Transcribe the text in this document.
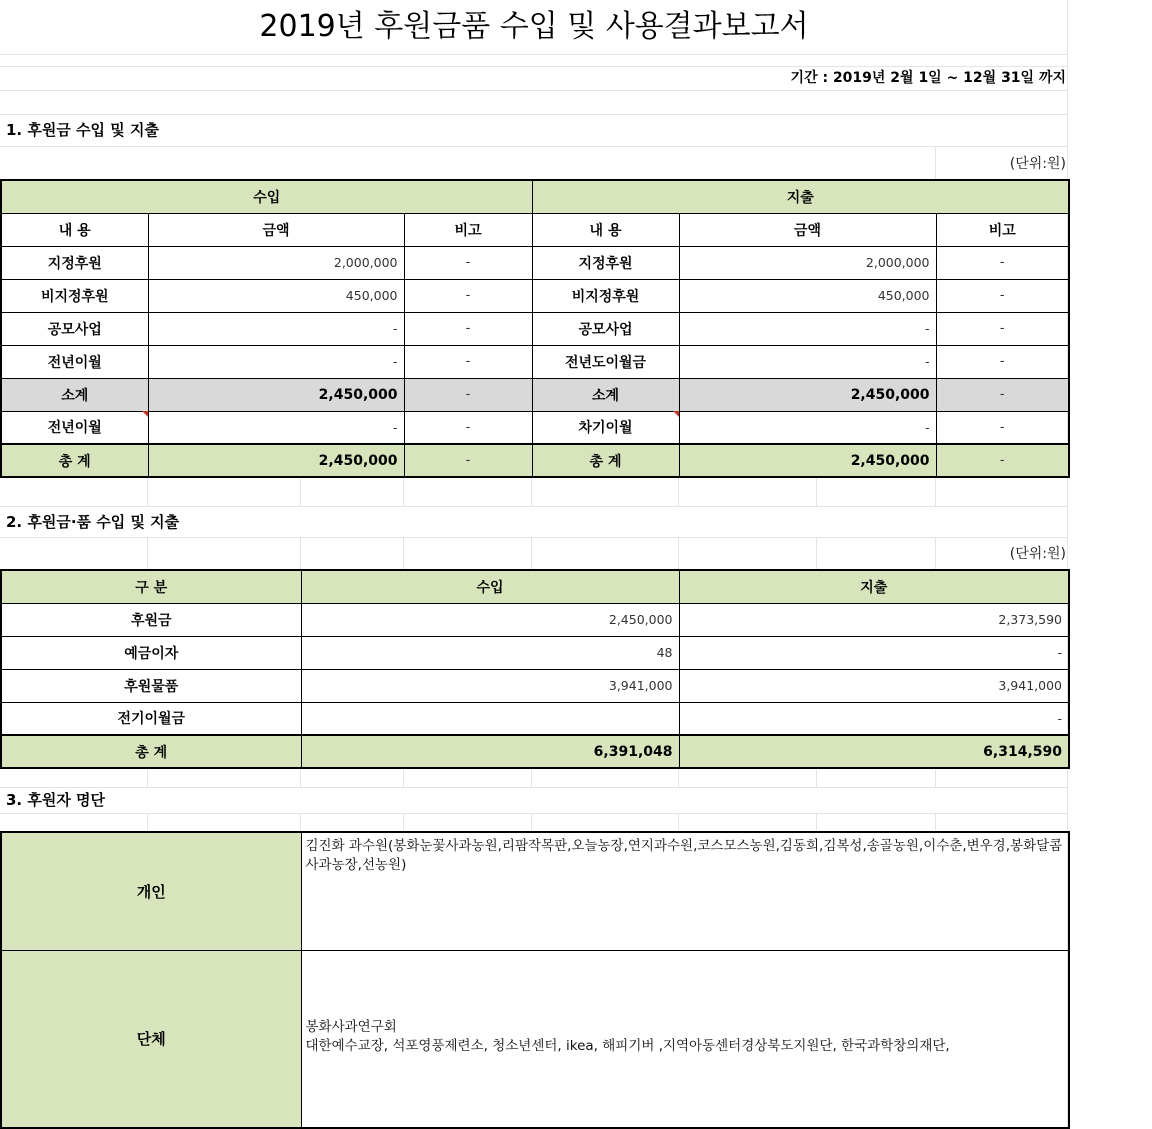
2019년 후원금품 수입 및 사용결과보고서
기간 : 2019년 2월 1일 ~ 12월 31일 까지
1. 후원금 수입 및 지출
(단위:원)
수입			지출		
내 용	금액	비고	내 용	금액	비고
지정후원	2,000,000	-	지정후원	2,000,000	-
비지정후원	450,000	-	비지정후원	450,000	-
공모사업	-	-	공모사업	-	-
전년이월	-	-	전년도이월금	-	-
소계	2,450,000	-	소계	2,450,000	-
전년이월	-	-	차기이월	-	-
총 계	2,450,000	-	총 계	2,450,000	-
2. 후원금·품 수입 및 지출
(단위:원)
구 분	수입	지출
후원금	2,450,000	2,373,590
예금이자	48	-
후원물품	3,941,000	3,941,000
전기이월금		-
총 계	6,391,048	6,314,590
3. 후원자 명단
개인	김진화 과수원(봉화눈꽃사과농원,리팜작목판,오늘농장,연지과수원,코스모스농원,김동희,김복성,송골농원,이수춘,변우경,봉화달콤사과농장,선농원)
단체	봉화사과연구회
대한예수교장, 석포영풍제련소, 청소년센터, ikea, 해피기버 ,지역아동센터경상북도지원단, 한국과학창의재단,
